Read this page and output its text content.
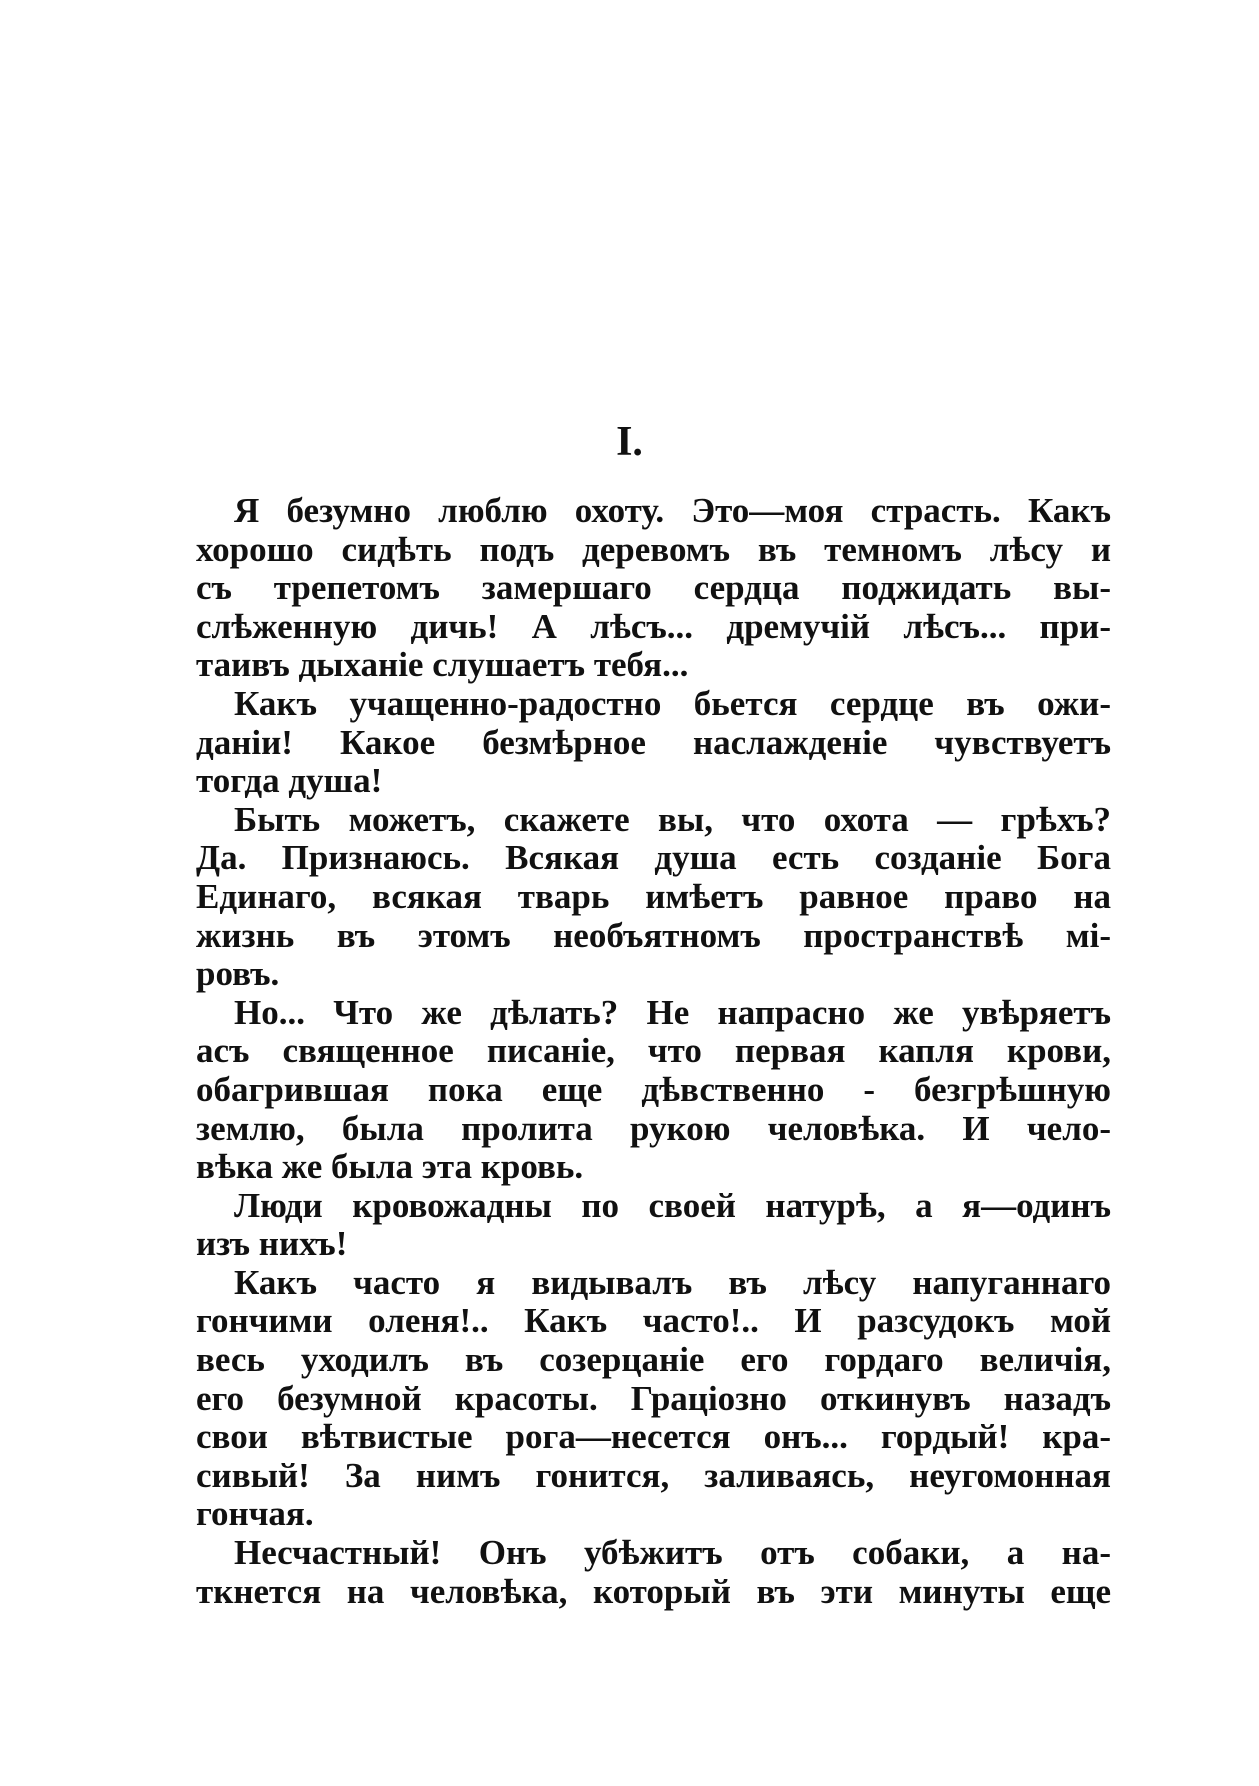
I.
Я безумно люблю охоту. Это—моя страсть. Какъ
хорошо сидѣть подъ деревомъ въ темномъ лѣсу и
съ трепетомъ замершаго сердца поджидать вы-
слѣженную дичь! А лѣсъ... дремучій лѣсъ... при-
таивъ дыханіе слушаетъ тебя...
Какъ учащенно-радостно бьется сердце въ ожи-
даніи! Какое безмѣрное наслажденіе чувствуетъ
тогда душа!
Быть можетъ, скажете вы, что охота — грѣхъ?
Да. Признаюсь. Всякая душа есть созданіе Бога
Единаго, всякая тварь имѣетъ равное право на
жизнь въ этомъ необъятномъ пространствѣ мі-
ровъ.
Но... Что же дѣлать? Не напрасно же увѣряетъ
асъ священное писаніе, что первая капля крови,
обагрившая пока еще дѣвственно - безгрѣшную
землю, была пролита рукою человѣка. И чело-
вѣка же была эта кровь.
Люди кровожадны по своей натурѣ, а я—одинъ
изъ нихъ!
Какъ часто я видывалъ въ лѣсу напуганнаго
гончими оленя!.. Какъ часто!.. И разсудокъ мой
весь уходилъ въ созерцаніе его гордаго величія,
его безумной красоты. Граціозно откинувъ назадъ
свои вѣтвистые рога—несется онъ... гордый! кра-
сивый! За нимъ гонится, заливаясь, неугомонная
гончая.
Несчастный! Онъ убѣжитъ отъ собаки, а на-
ткнется на человѣка, который въ эти минуты еще
